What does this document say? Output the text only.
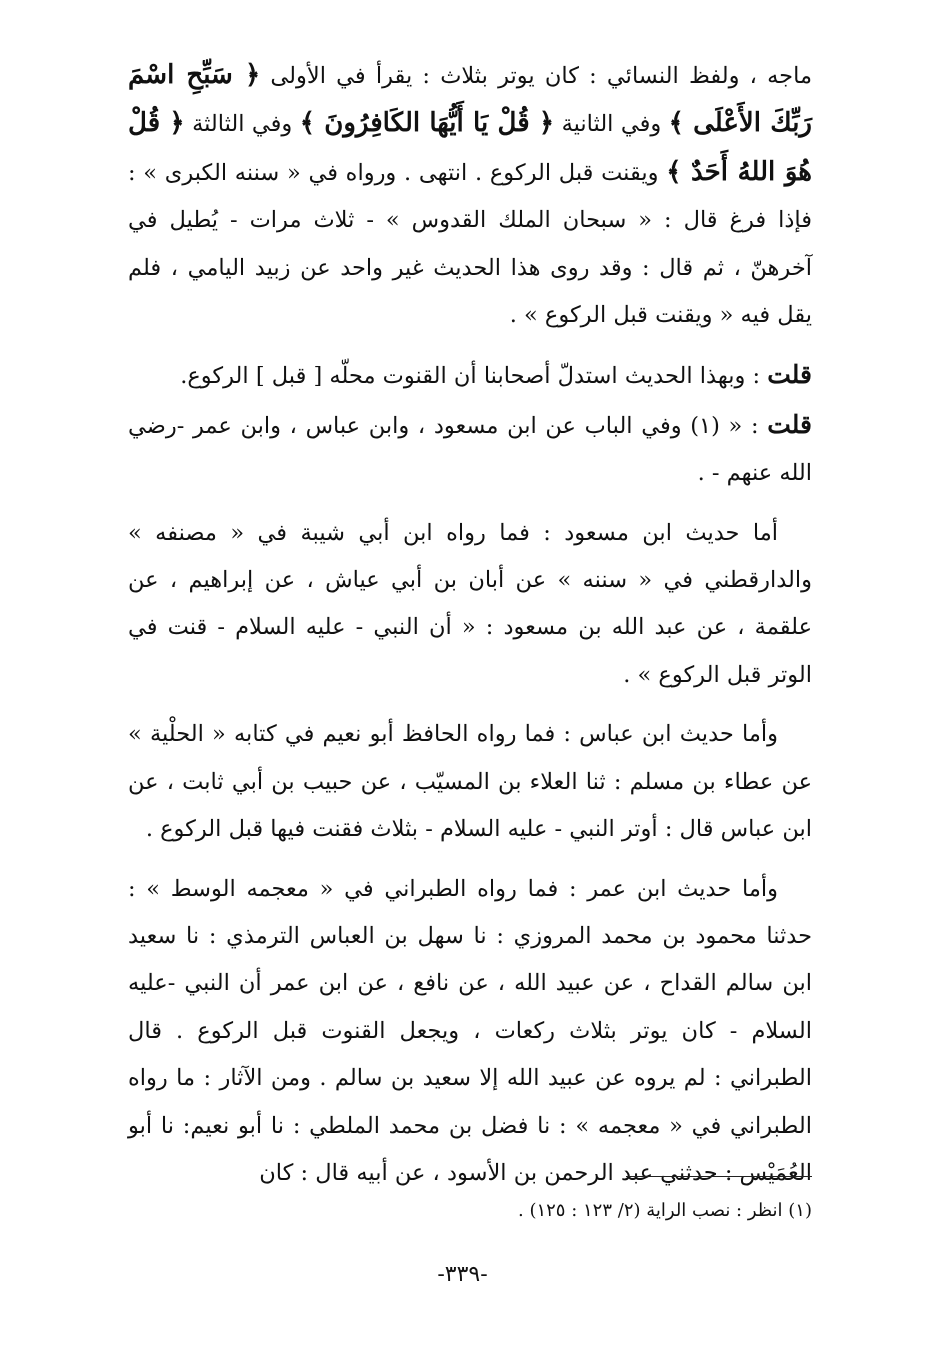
ماجه ، ولفظ النسائي : كان يوتر بثلاث : يقرأ في الأولى ﴿ سَبِّحِ اسْمَ رَبِّكَ الأَعْلَى ﴾ وفي الثانية ﴿ قُلْ يَا أَيُّهَا الكَافِرُونَ ﴾ وفي الثالثة ﴿ قُلْ هُوَ اللهُ أَحَدٌ ﴾ ويقنت قبل الركوع . انتهى . ورواه في « سننه الكبرى » : فإذا فرغ قال : « سبحان الملك القدوس » - ثلاث مرات - يُطيل في آخرهنّ ، ثم قال : وقد روى هذا الحديث غير واحد عن زبيد اليامي ، فلم يقل فيه « ويقنت قبل الركوع » .

قلت : وبهذا الحديث استدلّ أصحابنا أن القنوت محلّه [ قبل ] الركوع.

قلت : « (١) وفي الباب عن ابن مسعود ، وابن عباس ، وابن عمر -رضي الله عنهم - .

أما حديث ابن مسعود : فما رواه ابن أبي شيبة في « مصنفه » والدارقطني في « سننه » عن أبان بن أبي عياش ، عن إبراهيم ، عن علقمة ، عن عبد الله بن مسعود : « أن النبي - عليه السلام - قنت في الوتر قبل الركوع » .

وأما حديث ابن عباس : فما رواه الحافظ أبو نعيم في كتابه « الحلْية » عن عطاء بن مسلم : ثنا العلاء بن المسيّب ، عن حبيب بن أبي ثابت ، عن ابن عباس قال : أوتر النبي - عليه السلام - بثلاث فقنت فيها قبل الركوع .

وأما حديث ابن عمر : فما رواه الطبراني في « معجمه الوسط » : حدثنا محمود بن محمد المروزي : نا سهل بن العباس الترمذي : نا سعيد ابن سالم القداح ، عن عبيد الله ، عن نافع ، عن ابن عمر أن النبي -عليه السلام - كان يوتر بثلاث ركعات ، ويجعل القنوت قبل الركوع . قال الطبراني : لم يروه عن عبيد الله إلا سعيد بن سالم . ومن الآثار : ما رواه الطبراني في « معجمه » : نا فضل بن محمد الملطي : نا أبو نعيم: نا أبو العُمَيْس : حدثني عبد الرحمن بن الأسود ، عن أبيه قال : كان

(١) انظر : نصب الراية (٢/ ١٢٣ : ١٢٥) .
-٣٣٩-
